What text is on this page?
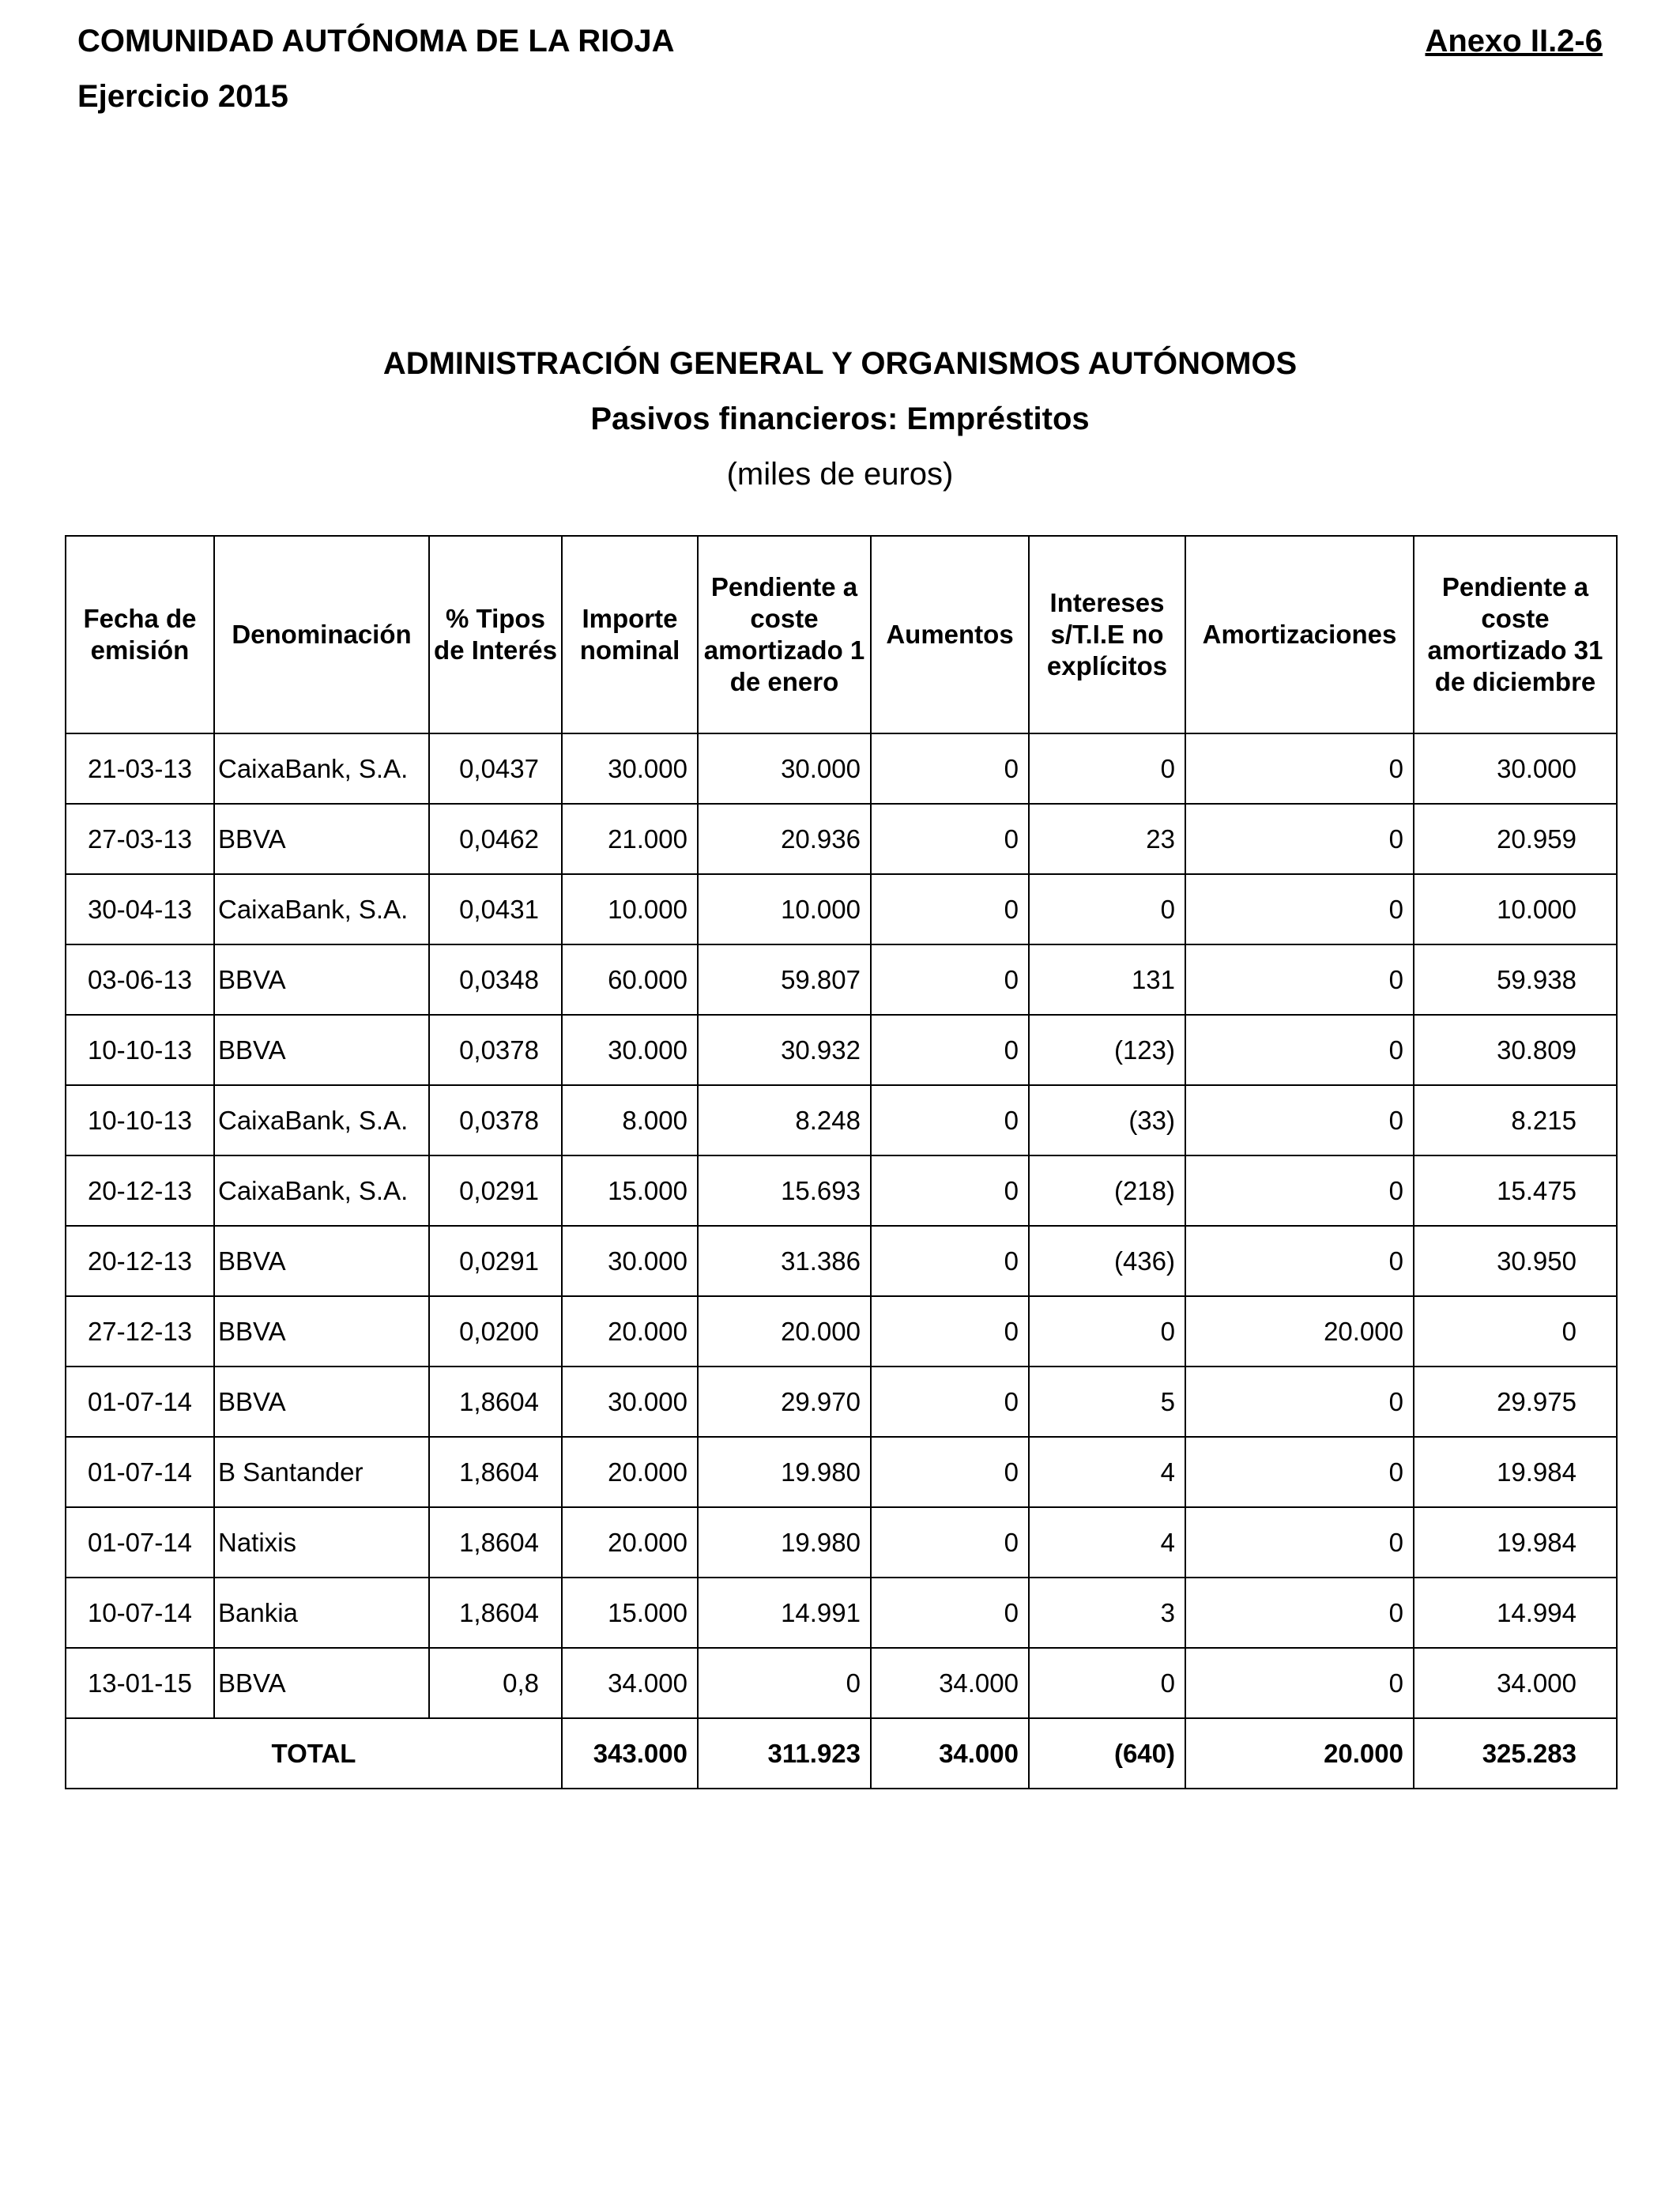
COMUNIDAD AUTÓNOMA DE LA RIOJA
Ejercicio 2015
Anexo II.2-6
ADMINISTRACIÓN GENERAL Y ORGANISMOS AUTÓNOMOS
Pasivos financieros: Empréstitos
(miles de euros)
Fecha de emisión	Denominación	% Tipos de Interés	Importe nominal	Pendiente a coste amortizado 1 de enero	Aumentos	Intereses s/T.I.E no explícitos	Amortizaciones	Pendiente a coste amortizado 31 de diciembre
21-03-13	CaixaBank, S.A.	0,0437	30.000	30.000	0	0	0	30.000
27-03-13	BBVA	0,0462	21.000	20.936	0	23	0	20.959
30-04-13	CaixaBank, S.A.	0,0431	10.000	10.000	0	0	0	10.000
03-06-13	BBVA	0,0348	60.000	59.807	0	131	0	59.938
10-10-13	BBVA	0,0378	30.000	30.932	0	(123)	0	30.809
10-10-13	CaixaBank, S.A.	0,0378	8.000	8.248	0	(33)	0	8.215
20-12-13	CaixaBank, S.A.	0,0291	15.000	15.693	0	(218)	0	15.475
20-12-13	BBVA	0,0291	30.000	31.386	0	(436)	0	30.950
27-12-13	BBVA	0,0200	20.000	20.000	0	0	20.000	0
01-07-14	BBVA	1,8604	30.000	29.970	0	5	0	29.975
01-07-14	B Santander	1,8604	20.000	19.980	0	4	0	19.984
01-07-14	Natixis	1,8604	20.000	19.980	0	4	0	19.984
10-07-14	Bankia	1,8604	15.000	14.991	0	3	0	14.994
13-01-15	BBVA	0,8	34.000	0	34.000	0	0	34.000
TOTAL			343.000	311.923	34.000	(640)	20.000	325.283
